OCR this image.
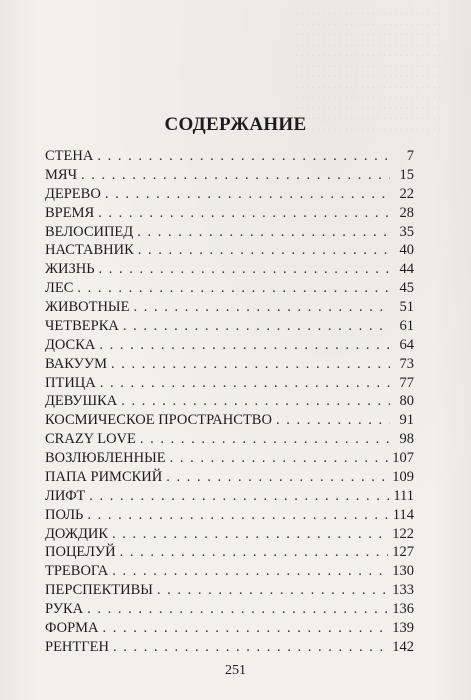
. . . . . . . . . . . . . . . . . . . . . . . . . . .
. . . . . . . . . . . . . . . . . . . . . . . . . . .
. . . . . . . . . . . . . . . . . . . . . . . . . . .
. . . . . . . . . . . . . . . . . . . . . . . . . . .
. . . . . . . . . . . . . . . . . . . . . . . . . . .
. . . . . . . . . . . . . . . . . . . . . . . . . . .
. . . . . . . . . . . . . . . . . . . . . . . . . . .
. . . . . . . . . . . . . . . . . . . . . . . . . . .
. . . . . . . . . . . . . . . . . . . . . . . . . . .
. . . . . . . . . . . . . . . . . . . . . . . . . . .
. . . . . . . . . . . . . . . . . . . . . . . . . . .
. . . . . . . . . . . . . . . . . . . . . . . . . . .
СОДЕРЖАНИЕ
СТЕНА . . .	7
МЯЧ . . .	15
ДЕРЕВО . . .	22
ВРЕМЯ . . .	28
ВЕЛОСИПЕД . . .	35
НАСТАВНИК . . .	40
ЖИЗНЬ . . .	44
ЛЕС . . .	45
ЖИВОТНЫЕ . . .	51
ЧЕТВЕРКА . . .	61
ДОСКА . . .	64
ВАКУУМ . . .	73
ПТИЦА . . .	77
ДЕВУШКА . . .	80
КОСМИЧЕСКОЕ ПРОСТРАНСТВО . . .	91
CRAZY LOVE . . .	98
ВОЗЛЮБЛЕННЫЕ . . .	107
ПАПА РИМСКИЙ . . .	109
ЛИФТ . . .	111
ПОЛЬ . . .	114
ДОЖДИК . . .	122
ПОЦЕЛУЙ . . .	127
ТРЕВОГА . . .	130
ПЕРСПЕКТИВЫ . . .	133
РУКА . . .	136
ФОРМА . . .	139
РЕНТГЕН . . .	142
251
